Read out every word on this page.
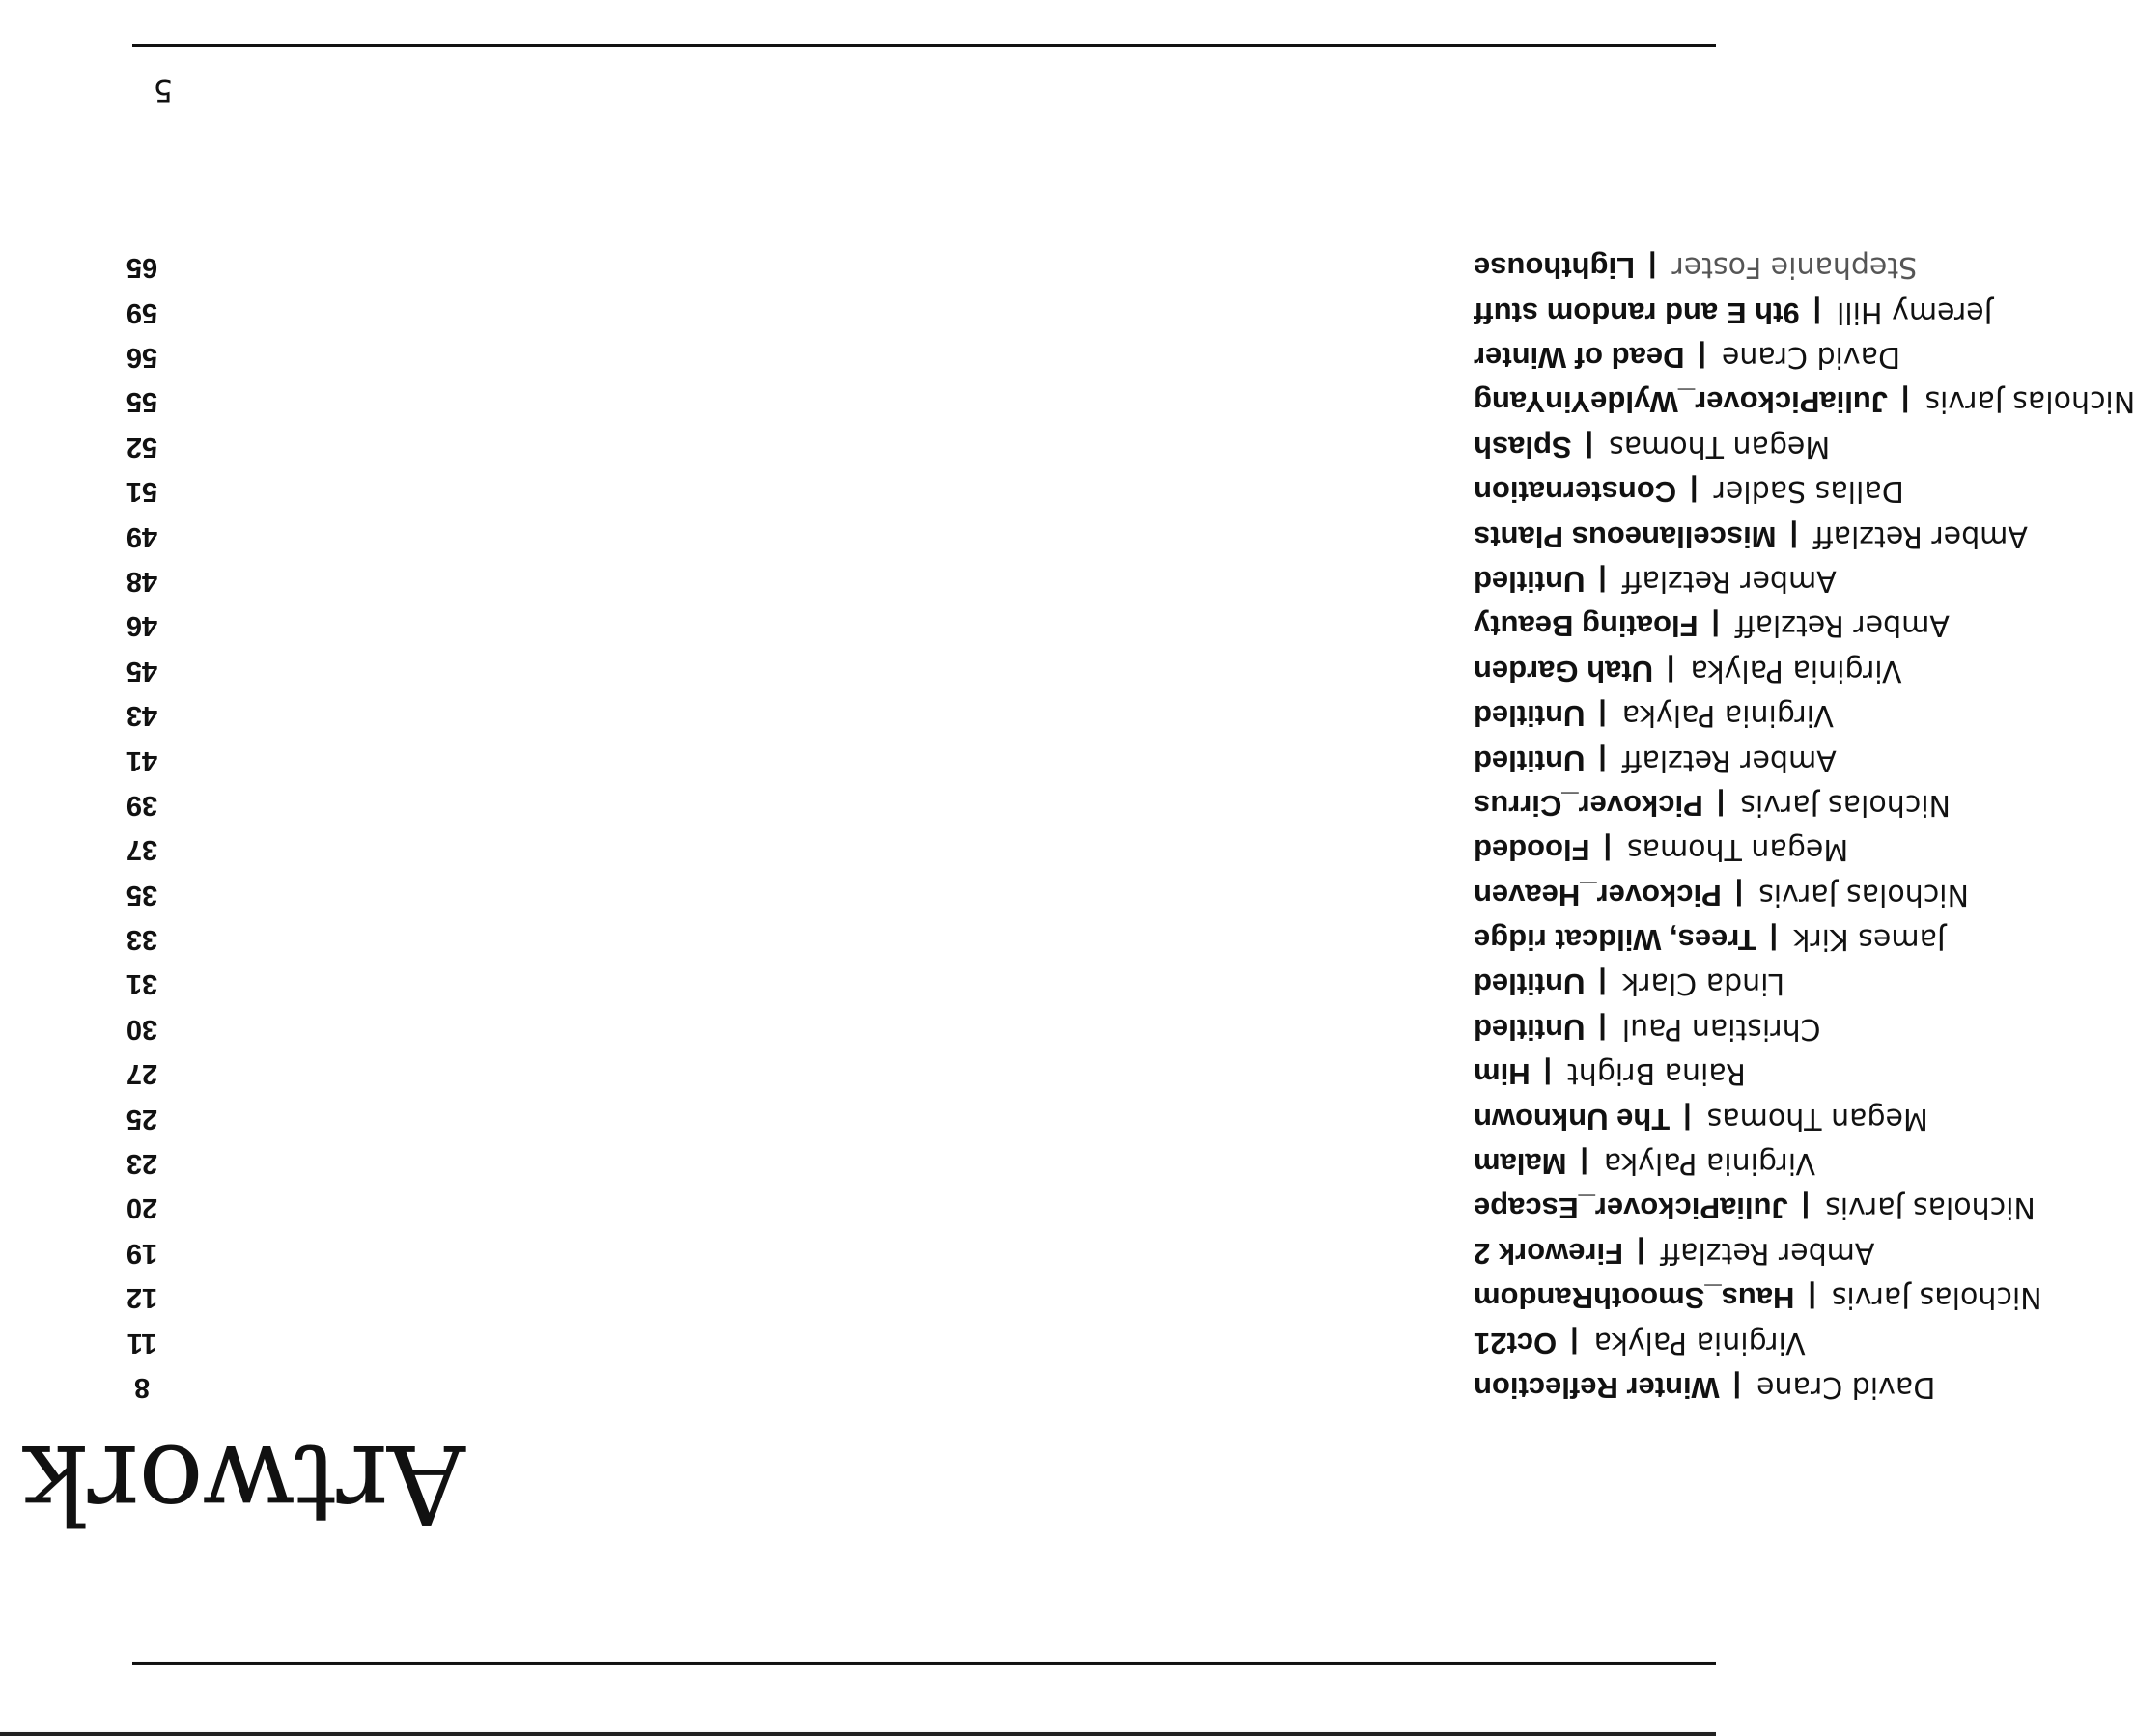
Artwork
8	David Crane|Winter Reflection
11	Virginia Palyka|Oct21
12	Nicholas Jarvis|Haus_SmoothRandom
19	Amber Retzlaff|Firework 2
20	Nicholas Jarvis|JuliaPickover_Escape
23	Virginia Palyka|Malam
25	Megan Thomas|The Unknown
27	Raina Bright|Him
30	Christian Paul|Untitled
31	Linda Clark|Untitled
33	James Kirk|Trees, Wildcat ridge
35	Nicholas Jarvis|Pickover_Heaven
37	Megan Thomas|Flooded
39	Nicholas Jarvis|Pickover_Cirrus
41	Amber Retzlaff|Untitled
43	Virginia Palyka|Untitled
45	Virginia Palyka|Utah Garden
46	Amber Retzlaff|Floating Beauty
48	Amber Retzlaff|Untitled
49	Amber Retzlaff|Miscellaneous Plants
51	Dallas Sadler|Consternation
52	Megan Thomas|Splash
55	Nicholas Jarvis|JuliaPickover_WyldeYinYang
56	David Crane|Dead of Winter
59	Jeremy Hill|9th E and random stuff
65	Stephanie Foster|Lighthouse
5
